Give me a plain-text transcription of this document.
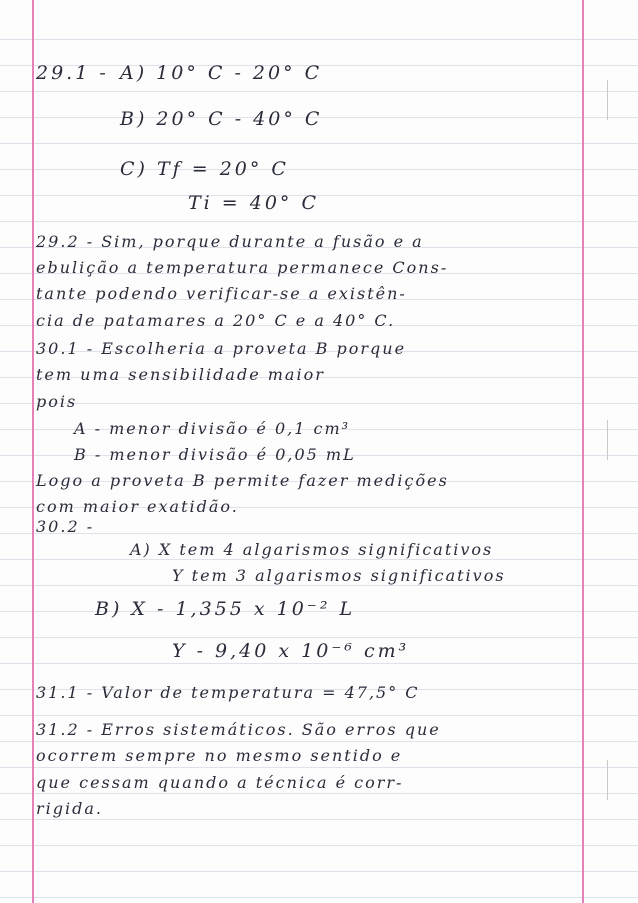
29.1 - A) 10° C - 20° C
B) 20° C - 40° C
C) Tf = 20° C
Ti = 40° C
29.2 - Sim, porque durante a fusão e a
ebulição a temperatura permanece Cons-
tante podendo verificar-se a existên-
cia de patamares a 20° C e a 40° C.
30.1 - Escolheria a proveta B porque
tem uma sensibilidade maior
pois
A - menor divisão é 0,1 cm³
B - menor divisão é 0,05 mL
Logo a proveta B permite fazer medições
com maior exatidão.
30.2 -
A) X tem 4 algarismos significativos
Y tem 3 algarismos significativos
B) X - 1,355 x 10⁻² L
Y - 9,40 x 10⁻⁶ cm³
31.1 - Valor de temperatura = 47,5° C
31.2 - Erros sistemáticos. São erros que
ocorrem sempre no mesmo sentido e
que cessam quando a técnica é corr-
rigida.
